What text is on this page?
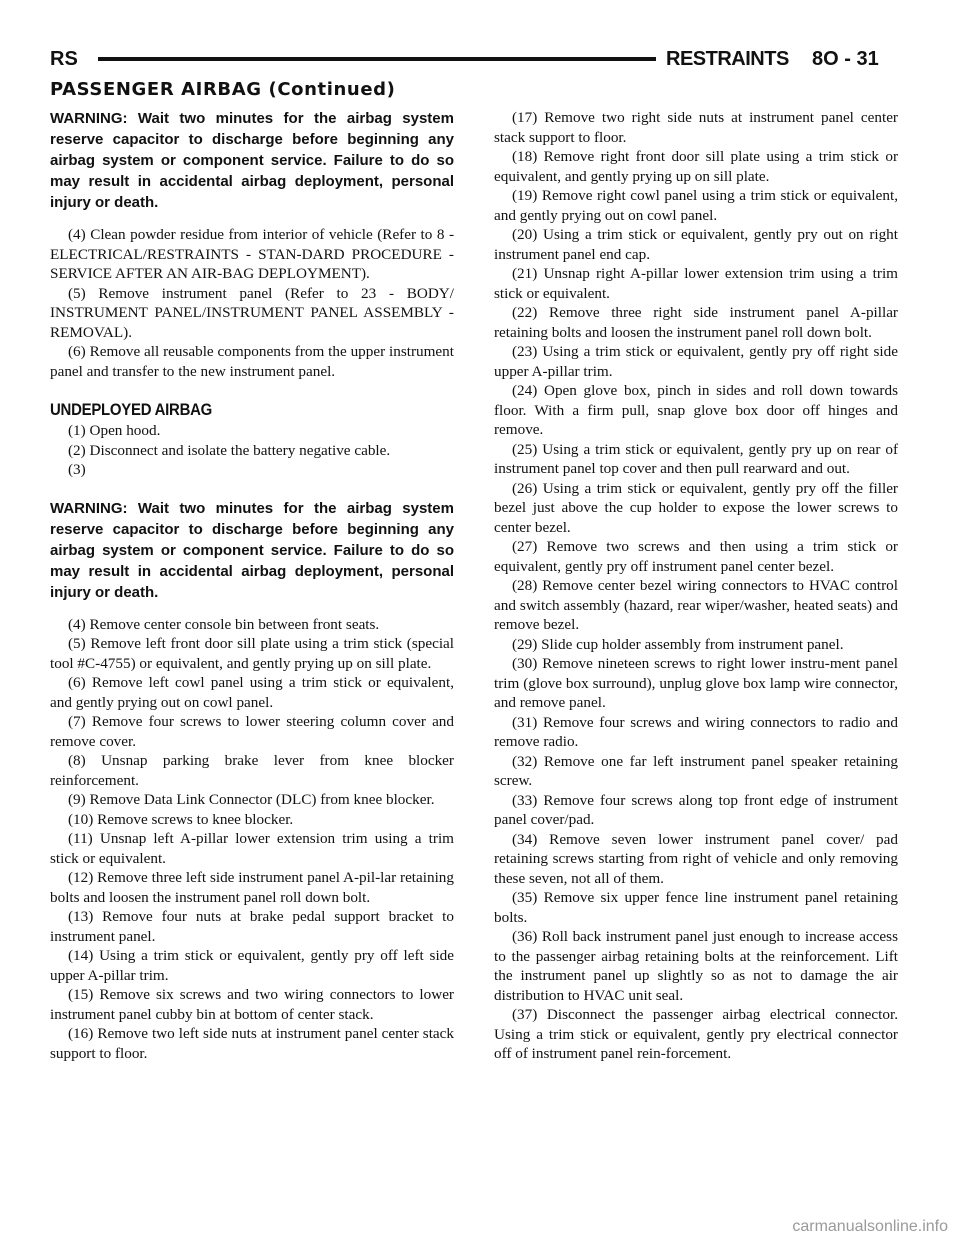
RS	RESTRAINTS 8O - 31
PASSENGER AIRBAG (Continued)

WARNING: Wait two minutes for the airbag system reserve capacitor to discharge before beginning any airbag system or component service. Failure to do so may result in accidental airbag deployment, personal injury or death.

(4) Clean powder residue from interior of vehicle (Refer to 8 - ELECTRICAL/RESTRAINTS - STAN-DARD PROCEDURE - SERVICE AFTER AN AIR-BAG DEPLOYMENT).

(5) Remove instrument panel (Refer to 23 - BODY/ INSTRUMENT PANEL/INSTRUMENT PANEL ASSEMBLY - REMOVAL).

(6) Remove all reusable components from the upper instrument panel and transfer to the new instrument panel.

UNDEPLOYED AIRBAG

(1) Open hood.

(2) Disconnect and isolate the battery negative cable.

(3)

WARNING: Wait two minutes for the airbag system reserve capacitor to discharge before beginning any airbag system or component service. Failure to do so may result in accidental airbag deployment, personal injury or death.

(4) Remove center console bin between front seats.

(5) Remove left front door sill plate using a trim stick (special tool #C-4755) or equivalent, and gently prying up on sill plate.

(6) Remove left cowl panel using a trim stick or equivalent, and gently prying out on cowl panel.

(7) Remove four screws to lower steering column cover and remove cover.

(8) Unsnap parking brake lever from knee blocker reinforcement.

(9) Remove Data Link Connector (DLC) from knee blocker.

(10) Remove screws to knee blocker.

(11) Unsnap left A-pillar lower extension trim using a trim stick or equivalent.

(12) Remove three left side instrument panel A-pil-lar retaining bolts and loosen the instrument panel roll down bolt.

(13) Remove four nuts at brake pedal support bracket to instrument panel.

(14) Using a trim stick or equivalent, gently pry off left side upper A-pillar trim.

(15) Remove six screws and two wiring connectors to lower instrument panel cubby bin at bottom of center stack.

(16) Remove two left side nuts at instrument panel center stack support to floor.

(17) Remove two right side nuts at instrument panel center stack support to floor.

(18) Remove right front door sill plate using a trim stick or equivalent, and gently prying up on sill plate.

(19) Remove right cowl panel using a trim stick or equivalent, and gently prying out on cowl panel.

(20) Using a trim stick or equivalent, gently pry out on right instrument panel end cap.

(21) Unsnap right A-pillar lower extension trim using a trim stick or equivalent.

(22) Remove three right side instrument panel A-pillar retaining bolts and loosen the instrument panel roll down bolt.

(23) Using a trim stick or equivalent, gently pry off right side upper A-pillar trim.

(24) Open glove box, pinch in sides and roll down towards floor. With a firm pull, snap glove box door off hinges and remove.

(25) Using a trim stick or equivalent, gently pry up on rear of instrument panel top cover and then pull rearward and out.

(26) Using a trim stick or equivalent, gently pry off the filler bezel just above the cup holder to expose the lower screws to center bezel.

(27) Remove two screws and then using a trim stick or equivalent, gently pry off instrument panel center bezel.

(28) Remove center bezel wiring connectors to HVAC control and switch assembly (hazard, rear wiper/washer, heated seats) and remove bezel.

(29) Slide cup holder assembly from instrument panel.

(30) Remove nineteen screws to right lower instru-ment panel trim (glove box surround), unplug glove box lamp wire connector, and remove panel.

(31) Remove four screws and wiring connectors to radio and remove radio.

(32) Remove one far left instrument panel speaker retaining screw.

(33) Remove four screws along top front edge of instrument panel cover/pad.

(34) Remove seven lower instrument panel cover/ pad retaining screws starting from right of vehicle and only removing these seven, not all of them.

(35) Remove six upper fence line instrument panel retaining bolts.

(36) Roll back instrument panel just enough to increase access to the passenger airbag retaining bolts at the reinforcement. Lift the instrument panel up slightly so as not to damage the air distribution to HVAC unit seal.

(37) Disconnect the passenger airbag electrical connector. Using a trim stick or equivalent, gently pry electrical connector off of instrument panel rein-forcement.

carmanualsonline.info
